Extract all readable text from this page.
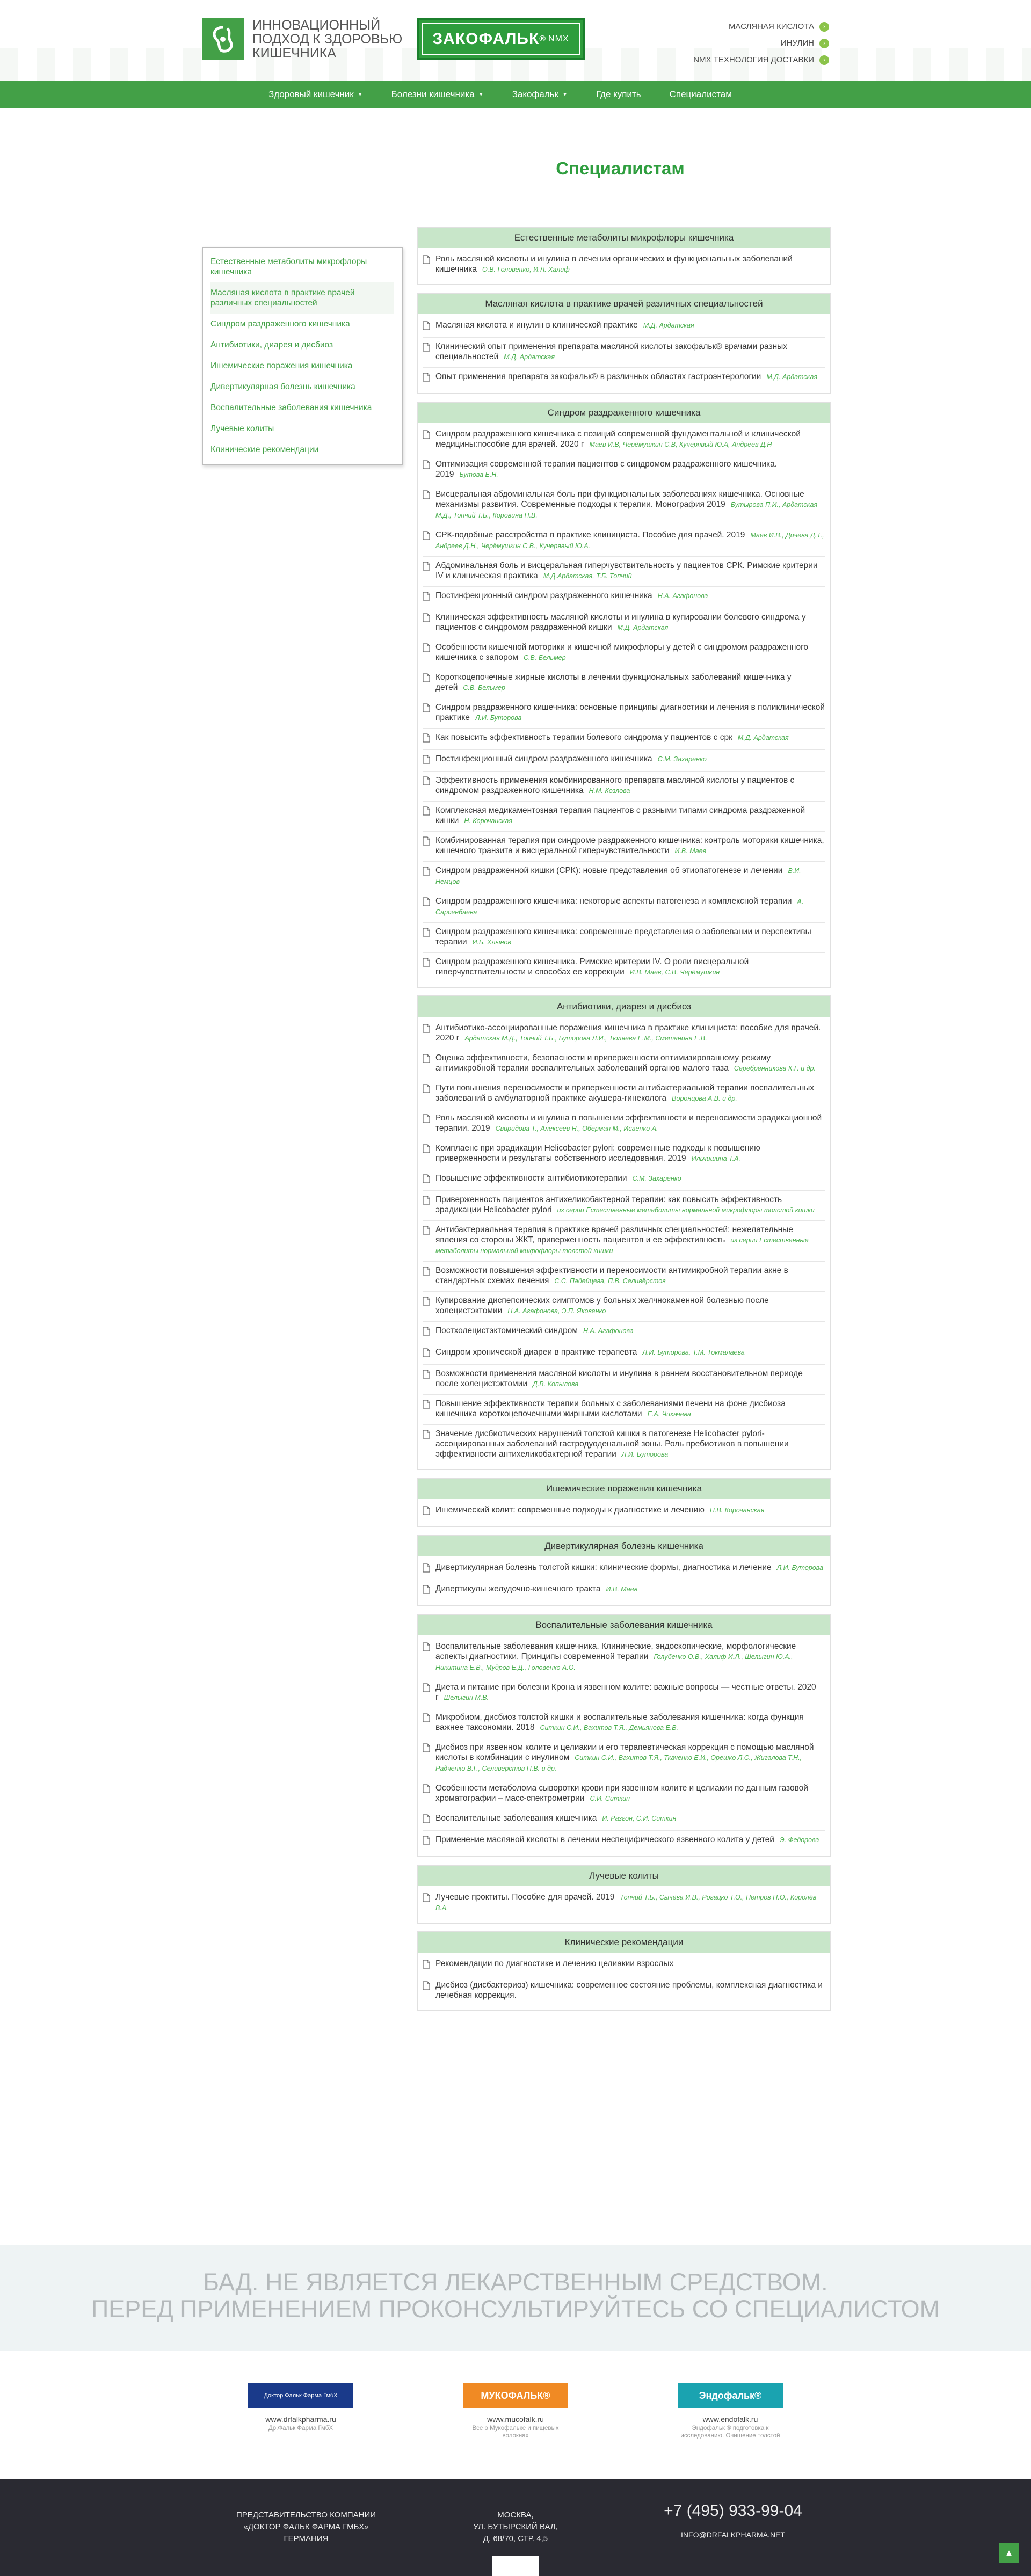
ИННОВАЦИОННЫЙ
ПОДХОД К ЗДОРОВЬЮ
КИШЕЧНИКА
ЗАКОФАЛЬК ® NMX
МАСЛЯНАЯ КИСЛОТА	›
ИНУЛИН	›
NMX ТЕХНОЛОГИЯ ДОСТАВКИ	›
Здоровый кишечник ▼	Болезни кишечника ▼	Закофальк ▼	Где купить	Специалистам
Специалистам
Естественные метаболиты микрофлоры кишечника
Масляная кислота в практике врачей различных специальностей
Синдром раздраженного кишечника
Антибиотики, диарея и дисбиоз
Ишемические поражения кишечника
Дивертикулярная болезнь кишечника
Воспалительные заболевания кишечника
Лучевые колиты
Клинические рекомендации
Естественные метаболиты микрофлоры кишечника
Роль масляной кислоты и инулина в лечении органических и функциональных заболеваний кишечника О.В. Головенко, И.Л. Халиф
Масляная кислота в практике врачей различных специальностей
Масляная кислота и инулин в клинической практике М.Д. Ардатская
Клинический опыт применения препарата масляной кислоты закофальк® врачами разных специальностей М.Д. Ардатская
Опыт применения препарата закофальк® в различных областях гастроэнтерологии М.Д. Ардатская
Синдром раздраженного кишечника
Синдром раздраженного кишечника с позиций современной фундаментальной и клинической медицины:пособие для врачей. 2020 г Маев И.В, Черёмушкин С.В, Кучерявый Ю.А, Андреев Д.Н
Оптимизация современной терапии пациентов с синдромом раздраженного кишечника. 2019 Бутова Е.Н.
Висцеральная абдоминальная боль при функциональных заболеваниях кишечника. Основные механизмы развития. Современные подходы к терапии. Монография 2019 Бутырова П.И., Ардатская М.Д., Топчий Т.Б., Коровина Н.В.
СРК-подобные расстройства в практике клинициста. Пособие для врачей. 2019 Маев И.В., Дичева Д.Т., Андреев Д.Н., Черёмушкин С.В., Кучерявый Ю.А.
Абдоминальная боль и висцеральная гиперчувствительность у пациентов СРК. Римские критерии IV и клиническая практика М.Д.Ардатская, Т.Б. Топчий
Постинфекционный синдром раздраженного кишечника Н.А. Агафонова
Клиническая эффективность масляной кислоты и инулина в купировании болевого синдрома у пациентов с синдромом раздраженной кишки М.Д. Ардатская
Особенности кишечной моторики и кишечной микрофлоры у детей с синдромом раздраженного кишечника с запором С.В. Бельмер
Короткоцепочечные жирные кислоты в лечении функциональных заболеваний кишечника у детей С.В. Бельмер
Синдром раздраженного кишечника: основные принципы диагностики и лечения в поликлинической практике Л.И. Буторова
Как повысить эффективность терапии болевого синдрома у пациентов с срк М.Д. Ардатская
Постинфекционный синдром раздраженного кишечника С.М. Захаренко
Эффективность применения комбинированного препарата масляной кислоты у пациентов с синдромом раздраженного кишечника Н.М. Козлова
Комплексная медикаментозная терапия пациентов с разными типами синдрома раздраженной кишки Н. Корочанская
Комбинированная терапия при синдроме раздраженного кишечника: контроль моторики кишечника, кишечного транзита и висцеральной гиперчувствительности И.В. Маев
Синдром раздраженной кишки (СРК): новые представления об этиопатогенезе и лечении В.И. Немцов
Синдром раздраженного кишечника: некоторые аспекты патогенеза и комплексной терапии А. Сарсенбаева
Синдром раздраженного кишечника: современные представления о заболевании и перспективы терапии И.Б. Хлынов
Синдром раздраженного кишечника. Римские критерии IV. О роли висцеральной гиперчувствительности и способах ее коррекции И.В. Маев, С.В. Черёмушкин
Антибиотики, диарея и дисбиоз
Антибиотико-ассоциированные поражения кишечника в практике клинициста: пособие для врачей. 2020 г Ардатская М.Д., Топчий Т.Б., Буторова Л.И., Тюляева Е.М., Сметанина Е.В.
Оценка эффективности, безопасности и приверженности оптимизированному режиму антимикробной терапии воспалительных заболеваний органов малого таза Серебренникова К.Г. и др.
Пути повышения переносимости и приверженности антибактериальной терапии воспалительных заболеваний в амбулаторной практике акушера-гинеколога Воронцова А.В. и др.
Роль масляной кислоты и инулина в повышении эффективности и переносимости эрадикационной терапии. 2019 Свиридова Т., Алексеев Н., Оберман М., Исаенко А.
Комплаенс при эрадикации Helicobacter pylori: современные подходы к повышению приверженности и результаты собственного исследования. 2019 Ильчишина Т.А.
Повышение эффективности антибиотикотерапии С.М. Захаренко
Приверженность пациентов антихеликобактерной терапии: как повысить эффективность эрадикации Helicobacter pylori из серии Естественные метаболиты нормальной микрофлоры толстой кишки
Антибактериальная терапия в практике врачей различных специальностей: нежелательные явления со стороны ЖКТ, приверженность пациентов и ее эффективность из серии Естественные метаболиты нормальной микрофлоры толстой кишки
Возможности повышения эффективности и переносимости антимикробной терапии акне в стандартных схемах лечения С.С. Падейцева, П.В. Селивёрстов
Купирование диспепсических симптомов у больных желчнокаменной болезнью после холецистэктомии Н.А. Агафонова, Э.П. Яковенко
Постхолецистэктомический синдром Н.А. Агафонова
Синдром хронической диареи в практике терапевта Л.И. Буторова, Т.М. Токмалаева
Возможности применения масляной кислоты и инулина в раннем восстановительном периоде после холецистэктомии Д.В. Копылова
Повышение эффективности терапии больных с заболеваниями печени на фоне дисбиоза кишечника короткоцепочечными жирными кислотами Е.А. Чихачева
Значение дисбиотических нарушений толстой кишки в патогенезе Helicobacter pylori-ассоциированных заболеваний гастродуоденальной зоны. Роль пребиотиков в повышении эффективности антихеликобактерной терапии Л.И. Буторова
Ишемические поражения кишечника
Ишемический колит: современные подходы к диагностике и лечению Н.В. Корочанская
Дивертикулярная болезнь кишечника
Дивертикулярная болезнь толстой кишки: клинические формы, диагностика и лечение Л.И. Буторова
Дивертикулы желудочно-кишечного тракта И.В. Маев
Воспалительные заболевания кишечника
Воспалительные заболевания кишечника. Клинические, эндоскопические, морфологические аспекты диагностики. Принципы современной терапии Голубенко О.В., Халиф И.Л., Шелыгин Ю.А., Никитина Е.В., Мудров Е.Д., Головенко А.О.
Диета и питание при болезни Крона и язвенном колите: важные вопросы — честные ответы. 2020 г Шелыгин М.В.
Микробиом, дисбиоз толстой кишки и воспалительные заболевания кишечника: когда функция важнее таксономии. 2018 Ситкин С.И., Вахитов Т.Я., Демьянова Е.В.
Дисбиоз при язвенном колите и целиакии и его терапевтическая коррекция с помощью масляной кислоты в комбинации с инулином Ситкин С.И., Вахитов Т.Я., Ткаченко Е.И., Орешко Л.С., Жигалова Т.Н., Радченко В.Г., Селиверстов П.В. и др.
Особенности метаболома сыворотки крови при язвенном колите и целиакии по данным газовой хроматографии – масс-спектрометрии С.И. Ситкин
Воспалительные заболевания кишечника И. Разгон, С.И. Ситкин
Применение масляной кислоты в лечении неспецифического язвенного колита у детей Э. Федорова
Лучевые колиты
Лучевые проктиты. Пособие для врачей. 2019 Топчий Т.Б., Сычёва И.В., Рогацко Т.О., Петров П.О., Королёв В.А.
Клинические рекомендации
Рекомендации по диагностике и лечению целиакии взрослых
Дисбиоз (дисбактериоз) кишечника: современное состояние проблемы, комплексная диагностика и лечебная коррекция.
БАД. НЕ ЯВЛЯЕТСЯ ЛЕКАРСТВЕННЫМ СРЕДСТВОМ.
ПЕРЕД ПРИМЕНЕНИЕМ ПРОКОНСУЛЬТИРУЙТЕСЬ СО СПЕЦИАЛИСТОМ
Доктор Фальк Фарма ГмбХ
www.drfalkpharma.ru
Др.Фальк Фарма ГмбХ
МУКОФАЛЬК®
www.mucofalk.ru
Все о Мукофальке и пищевых волокнах
Эндофальк®
www.endofalk.ru
Эндофальк ® подготовка к исследованию. Очищение толстой
ПРЕДСТАВИТЕЛЬСТВО КОМПАНИИ
«ДОКТОР ФАЛЬК ФАРМА ГМБХ»
ГЕРМАНИЯ
МОСКВА,
УЛ. БУТЫРСКИЙ ВАЛ,
Д. 68/70, СТР. 4,5
+7 (495) 933-99-04
INFO@DRFALKPHARMA.NET
▲
